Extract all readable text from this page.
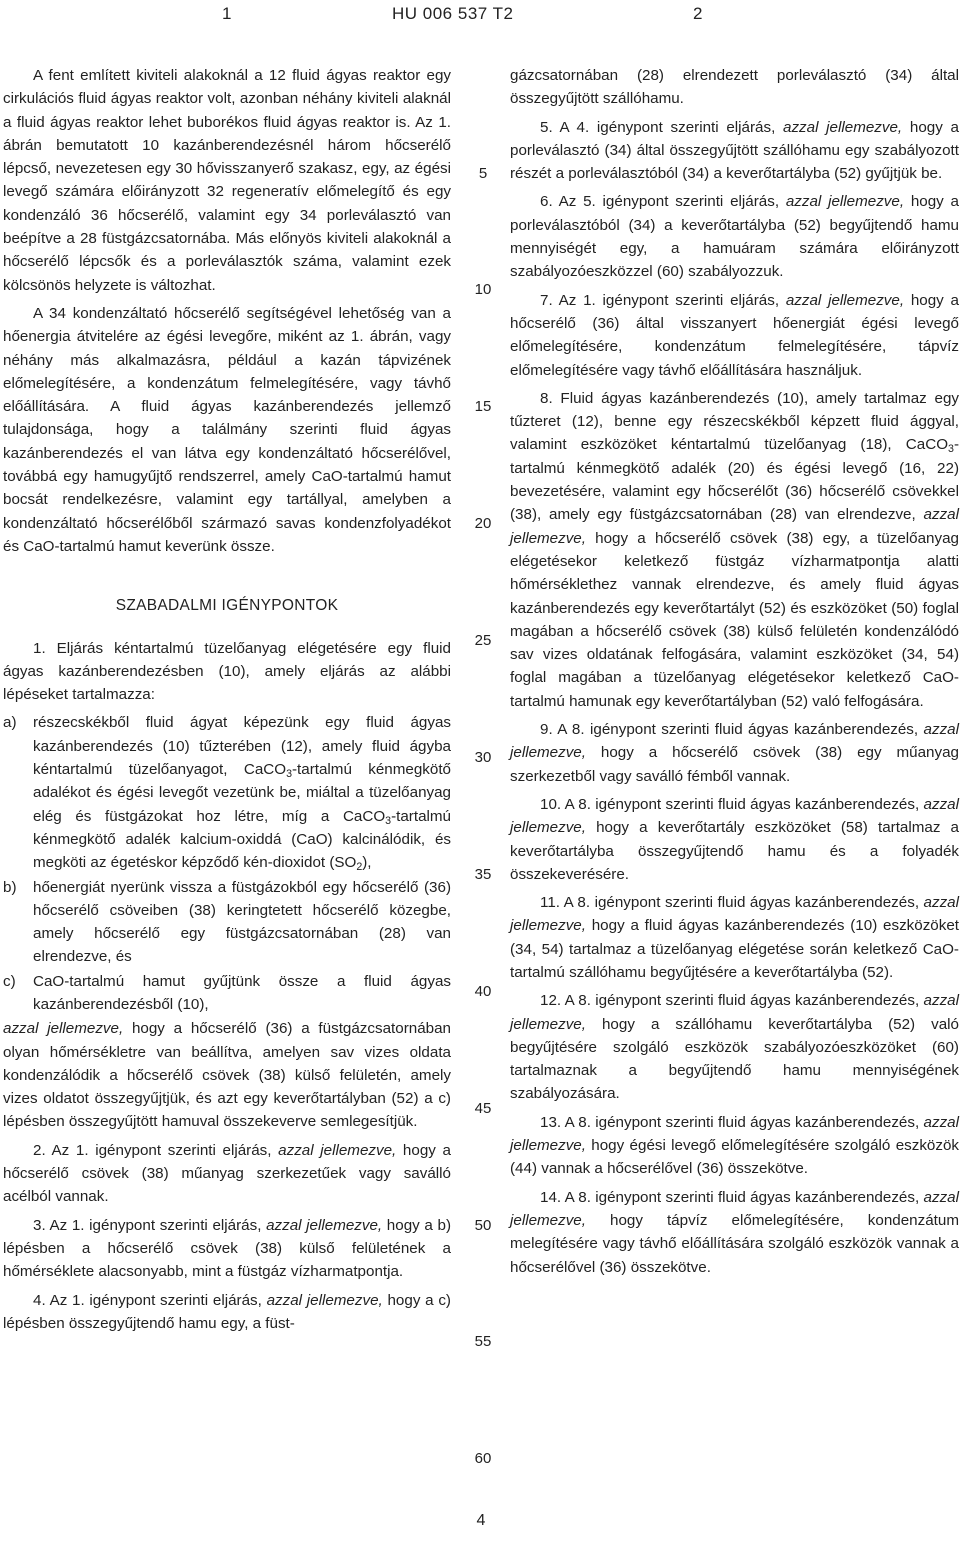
1	HU 006 537 T2	2

A fent említett kiviteli alakoknál a 12 fluid ágyas reaktor egy cirkulációs fluid ágyas reaktor volt, azonban néhány kiviteli alaknál a fluid ágyas reaktor lehet buborékos fluid ágyas reaktor is. Az 1. ábrán bemutatott 10 kazánberendezésnél három hőcserélő lépcső, nevezetesen egy 30 hővisszanyerő szakasz, egy, az égési levegő számára előirányzott 32 regeneratív előmelegítő és egy kondenzáló 36 hőcserélő, valamint egy 34 porleválasztó van beépítve a 28 füstgázcsatornába. Más előnyös kiviteli alakoknál a hőcserélő lépcsők és a porleválasztók száma, valamint ezek kölcsönös helyzete is változhat.

A 34 kondenzáltató hőcserélő segítségével lehetőség van a hőenergia átvitelére az égési levegőre, miként az 1. ábrán, vagy néhány más alkalmazásra, például a kazán tápvizének előmelegítésére, a kondenzátum felmelegítésére, vagy távhő előállítására. A fluid ágyas kazánberendezés jellemző tulajdonsága, hogy a találmány szerinti fluid ágyas kazánberendezés el van látva egy kondenzáltató hőcserélővel, továbbá egy hamugyűjtő rendszerrel, amely CaO-tartalmú hamut bocsát rendelkezésre, valamint egy tartállyal, amelyben a kondenzáltató hőcserélőből származó savas kondenzfolyadékot és CaO-tartalmú hamut keverünk össze.

SZABADALMI IGÉNYPONTOK

1. Eljárás kéntartalmú tüzelőanyag elégetésére egy fluid ágyas kazánberendezésben (10), amely eljárás az alábbi lépéseket tartalmazza:

a)	részecskékből fluid ágyat képezünk egy fluid ágyas kazánberendezés (10) tűzterében (12), amely fluid ágyba kéntartalmú tüzelőanyagot, CaCO$_3$-tartalmú kénmegkötő adalékot és égési levegőt vezetünk be, miáltal a tüzelőanyag elég és füstgázokat hoz létre, míg a CaCO$_3$-tartalmú kénmegkötő adalék kalcium-oxiddá (CaO) kalcinálódik, és megköti az égetéskor képződő kén-dioxidot $(SO_2)$,
b)	hőenergiát nyerünk vissza a füstgázokból egy hőcserélő (36) hőcserélő csöveiben (38) keringtetett hőcserélő közegbe, amely hőcserélő egy füstgázcsatornában (28) van elrendezve, és
c)	CaO-tartalmú hamut gyűjtünk össze a fluid ágyas kazánberendezésből (10),

azzal jellemezve, hogy a hőcserélő (36) a füstgázcsatornában olyan hőmérsékletre van beállítva, amelyen sav vizes oldata kondenzálódik a hőcserélő csövek (38) külső felületén, amely vizes oldatot összegyűjtjük, és azt egy keverőtartályban (52) a c) lépésben összegyűjtött hamuval összekeverve semlegesítjük.

2. Az 1. igénypont szerinti eljárás, azzal jellemezve, hogy a hőcserélő csövek (38) műanyag szerkezetűek vagy saválló acélból vannak.

3. Az 1. igénypont szerinti eljárás, azzal jellemezve, hogy a b) lépésben a hőcserélő csövek (38) külső felületének a hőmérséklete alacsonyabb, mint a füstgáz vízharmatpontja.

4. Az 1. igénypont szerinti eljárás, azzal jellemezve, hogy a c) lépésben összegyűjtendő hamu egy, a füst-

5
10
15
20
25
30
35
40
45
50
55
60

gázcsatornában (28) elrendezett porleválasztó (34) által összegyűjtött szállóhamu.

5. A 4. igénypont szerinti eljárás, azzal jellemezve, hogy a porleválasztó (34) által összegyűjtött szállóhamu egy szabályozott részét a porleválasztóból (34) a keverőtartályba (52) gyűjtjük be.

6. Az 5. igénypont szerinti eljárás, azzal jellemezve, hogy a porleválasztóból (34) a keverőtartályba (52) begyűjtendő hamu mennyiségét egy, a hamuáram számára előirányzott szabályozóeszközzel (60) szabályozzuk.

7. Az 1. igénypont szerinti eljárás, azzal jellemezve, hogy a hőcserélő (36) által visszanyert hőenergiát égési levegő előmelegítésére, kondenzátum felmelegítésére, tápvíz előmelegítésére vagy távhő előállítására használjuk.

8. Fluid ágyas kazánberendezés (10), amely tartalmaz egy tűzteret (12), benne egy részecskékből képzett fluid ággyal, valamint eszközöket kéntartalmú tüzelőanyag (18), CaCO$_3$-tartalmú kénmegkötő adalék (20) és égési levegő (16, 22) bevezetésére, valamint egy hőcserélőt (36) hőcserélő csövekkel (38), amely egy füstgázcsatornában (28) van elrendezve, azzal jellemezve, hogy a hőcserélő csövek (38) egy, a tüzelőanyag elégetésekor keletkező füstgáz vízharmatpontja alatti hőmérséklethez vannak elrendezve, és amely fluid ágyas kazánberendezés egy keverőtartályt (52) és eszközöket (50) foglal magában a hőcserélő csövek (38) külső felületén kondenzálódó sav vizes oldatának felfogására, valamint eszközöket (34, 54) foglal magában a tüzelőanyag elégetésekor keletkező CaO-tartalmú hamunak egy keverőtartályban (52) való felfogására.

9. A 8. igénypont szerinti fluid ágyas kazánberendezés, azzal jellemezve, hogy a hőcserélő csövek (38) egy műanyag szerkezetből vagy saválló fémből vannak.

10. A 8. igénypont szerinti fluid ágyas kazánberendezés, azzal jellemezve, hogy a keverőtartály eszközöket (58) tartalmaz a keverőtartályba összegyűjtendő hamu és a folyadék összekeverésére.

11. A 8. igénypont szerinti fluid ágyas kazánberendezés, azzal jellemezve, hogy a fluid ágyas kazánberendezés (10) eszközöket (34, 54) tartalmaz a tüzelőanyag elégetése során keletkező CaO-tartalmú szállóhamu begyűjtésére a keverőtartályba (52).

12. A 8. igénypont szerinti fluid ágyas kazánberendezés, azzal jellemezve, hogy a szállóhamu keverőtartályba (52) való begyűjtésére szolgáló eszközök szabályozóeszközöket (60) tartalmaznak a begyűjtendő hamu mennyiségének szabályozására.

13. A 8. igénypont szerinti fluid ágyas kazánberendezés, azzal jellemezve, hogy égési levegő előmelegítésére szolgáló eszközök (44) vannak a hőcserélővel (36) összekötve.

14. A 8. igénypont szerinti fluid ágyas kazánberendezés, azzal jellemezve, hogy tápvíz előmelegítésére, kondenzátum melegítésére vagy távhő előállítására szolgáló eszközök vannak a hőcserélővel (36) összekötve.

4
